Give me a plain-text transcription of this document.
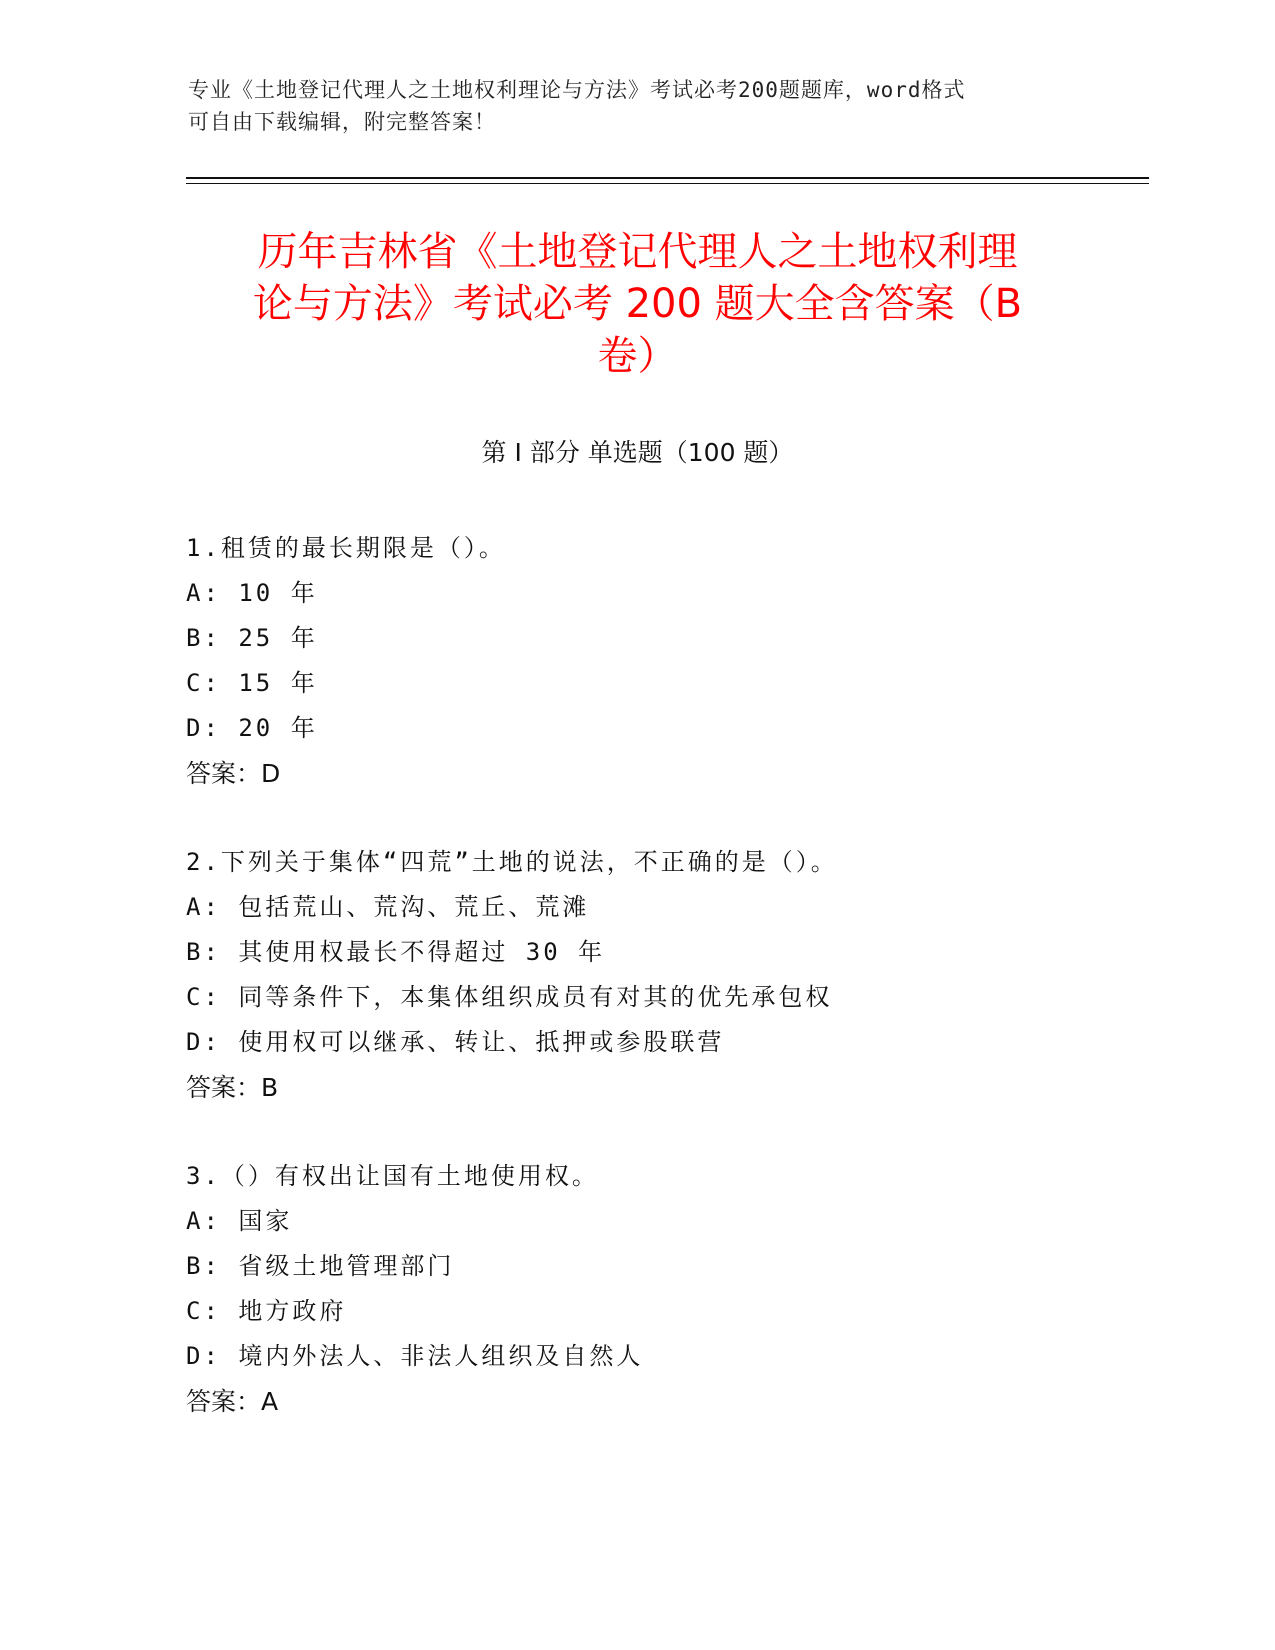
专业《土地登记代理人之土地权利理论与方法》考试必考200题题库，word格式
可自由下载编辑，附完整答案！
历年吉林省《土地登记代理人之土地权利理
论与方法》考试必考 200 题大全含答案（B
卷）
第 I 部分 单选题（100 题）
1.租赁的最长期限是（）。
A: 10 年
B: 25 年
C: 15 年
D: 20 年
答案：D
2.下列关于集体“四荒”土地的说法，不正确的是（）。
A: 包括荒山、荒沟、荒丘、荒滩
B: 其使用权最长不得超过 30 年
C: 同等条件下，本集体组织成员有对其的优先承包权
D: 使用权可以继承、转让、抵押或参股联营
答案：B
3.（）有权出让国有土地使用权。
A: 国家
B: 省级土地管理部门
C: 地方政府
D: 境内外法人、非法人组织及自然人
答案：A
